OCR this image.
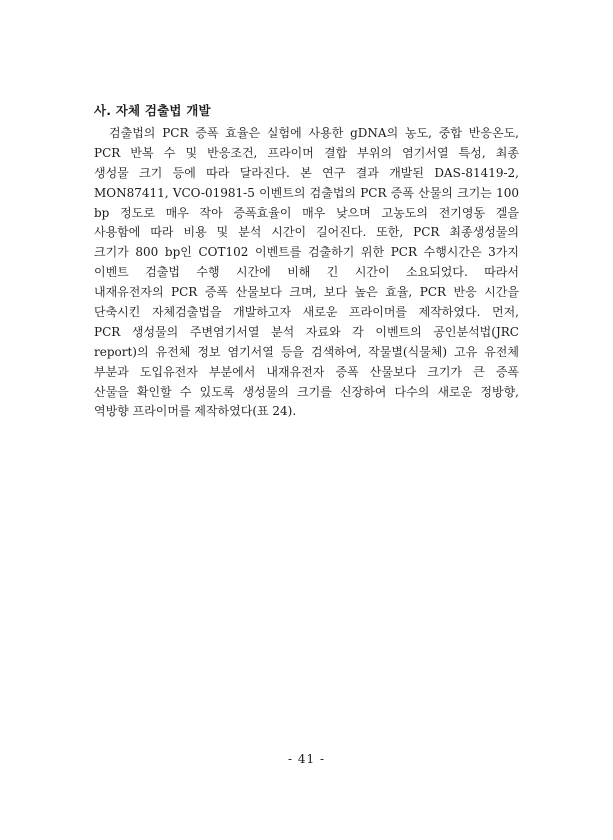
사. 자체 검출법 개발
　검출법의 PCR 증폭 효율은 실험에 사용한 gDNA의 농도, 중합 반응온도,
PCR 반복 수 및 반응조건, 프라이머 결합 부위의 염기서열 특성, 최종
생성물 크기 등에 따라 달라진다. 본 연구 결과 개발된 DAS-81419-2,
MON87411, VCO-01981-5 이벤트의 검출법의 PCR 증폭 산물의 크기는 100
bp 정도로 매우 작아 증폭효율이 매우 낮으며 고농도의 전기영동 겔을
사용함에 따라 비용 및 분석 시간이 길어진다. 또한, PCR 최종생성물의
크기가 800 bp인 COT102 이벤트를 검출하기 위한 PCR 수행시간은 3가지
이벤트 검출법 수행 시간에 비해 긴 시간이 소요되었다. 따라서
내재유전자의 PCR 증폭 산물보다 크며, 보다 높은 효율, PCR 반응 시간을
단축시킨 자체검출법을 개발하고자 새로운 프라이머를 제작하였다. 먼저,
PCR 생성물의 주변염기서열 분석 자료와 각 이벤트의 공인분석법(JRC
report)의 유전체 정보 염기서열 등을 검색하여, 작물별(식물체) 고유 유전체
부분과 도입유전자 부분에서 내재유전자 증폭 산물보다 크기가 큰 증폭
산물을 확인할 수 있도록 생성물의 크기를 신장하여 다수의 새로운 정방향,
역방향 프라이머를 제작하였다(표 24).
- 41 -
